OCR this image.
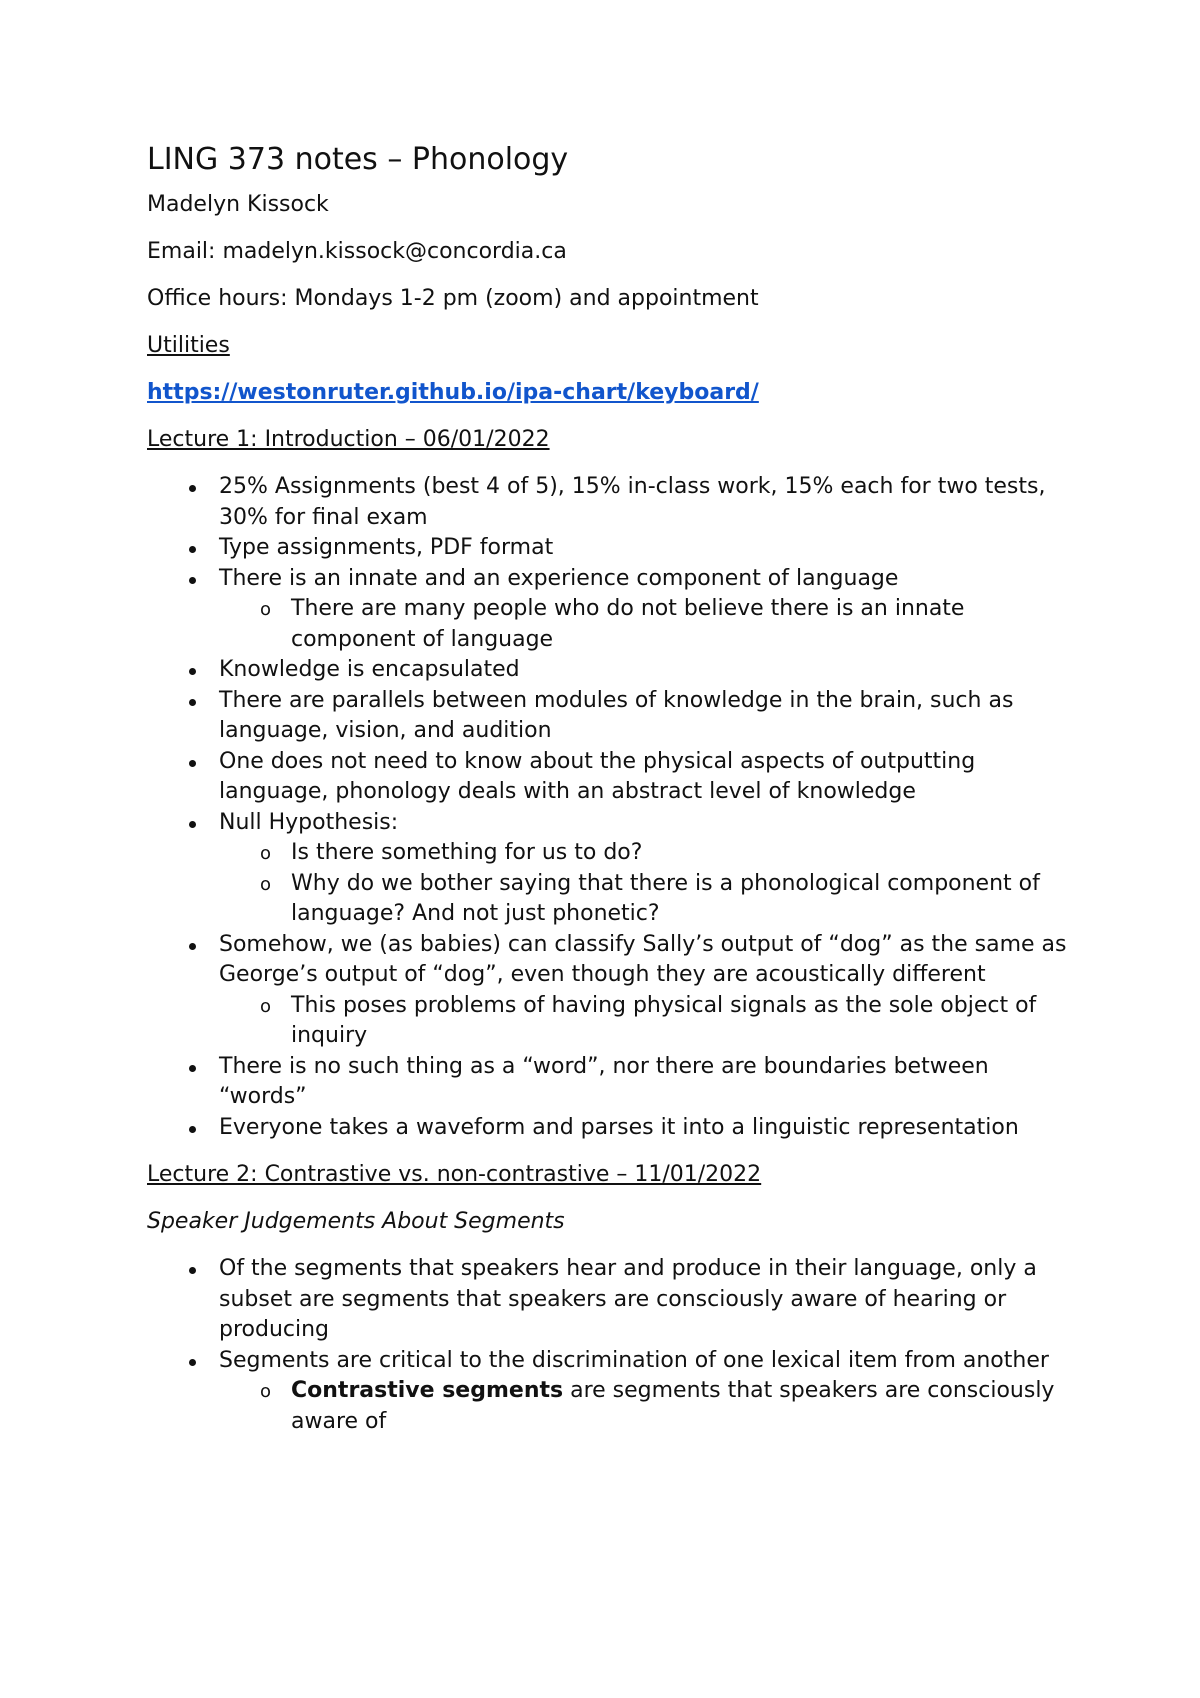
LING 373 notes – Phonology

Madelyn Kissock

Email: madelyn.kissock@concordia.ca

Office hours: Mondays 1-2 pm (zoom) and appointment

Utilities

https://westonruter.github.io/ipa-chart/keyboard/

Lecture 1: Introduction – 06/01/2022

25% Assignments (best 4 of 5), 15% in-class work, 15% each for two tests, 30% for final exam
Type assignments, PDF format
There is an innate and an experience component of language
o There are many people who do not believe there is an innate component of language
Knowledge is encapsulated
There are parallels between modules of knowledge in the brain, such as language, vision, and audition
One does not need to know about the physical aspects of outputting language, phonology deals with an abstract level of knowledge
Null Hypothesis:
o Is there something for us to do?
o Why do we bother saying that there is a phonological component of language? And not just phonetic?
Somehow, we (as babies) can classify Sally’s output of “dog” as the same as George’s output of “dog”, even though they are acoustically different
o This poses problems of having physical signals as the sole object of inquiry
There is no such thing as a “word”, nor there are boundaries between “words”
Everyone takes a waveform and parses it into a linguistic representation

Lecture 2: Contrastive vs. non-contrastive – 11/01/2022

Speaker Judgements About Segments

Of the segments that speakers hear and produce in their language, only a subset are segments that speakers are consciously aware of hearing or producing
Segments are critical to the discrimination of one lexical item from another
o Contrastive segments are segments that speakers are consciously aware of
